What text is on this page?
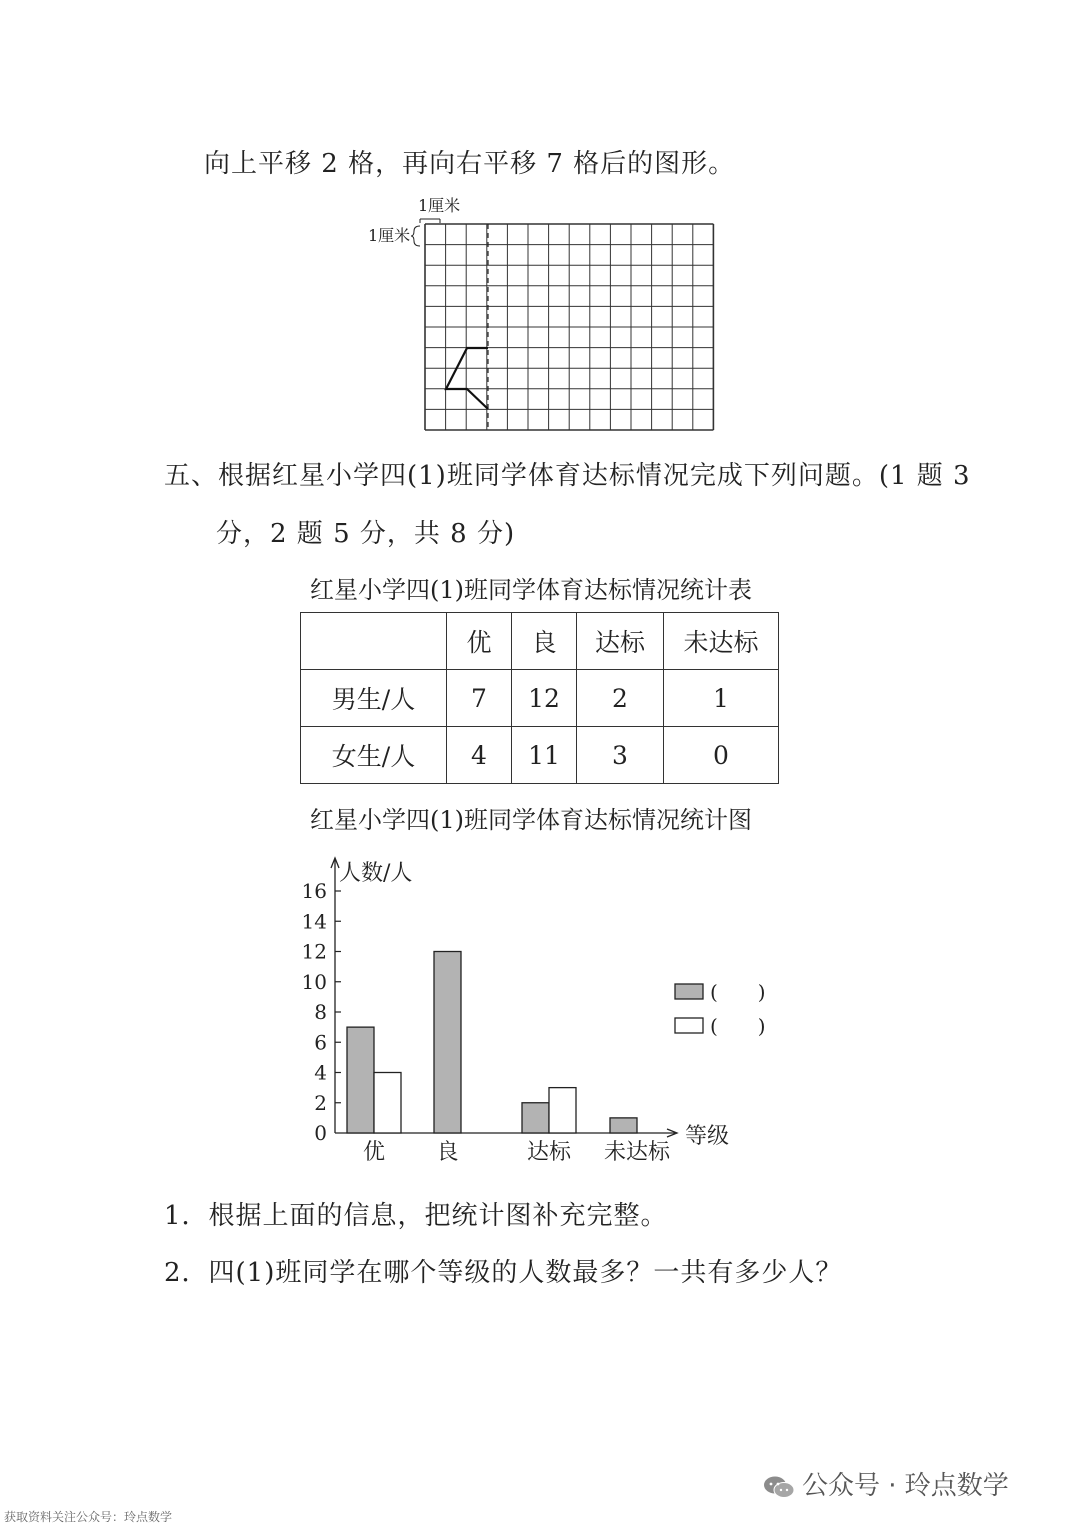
向上平移 2 格，再向右平移 7 格后的图形。
1厘米
1厘米
五、根据红星小学四(1)班同学体育达标情况完成下列问题。(1 题 3
分，2 题 5 分，共 8 分)
红星小学四(1)班同学体育达标情况统计表
	优	良	达标	未达标
男生/人	7	12	2	1
女生/人	4	11	3	0
红星小学四(1)班同学体育达标情况统计图
人数/人
等级
0
2
4
6
8
10
12
14
16
优 良	达标 未达标
(　　)
(　　)
1．根据上面的信息，把统计图补充完整。
2．四(1)班同学在哪个等级的人数最多？一共有多少人？
公众号 · 玲点数学
获取资料关注公众号：玲点数学
